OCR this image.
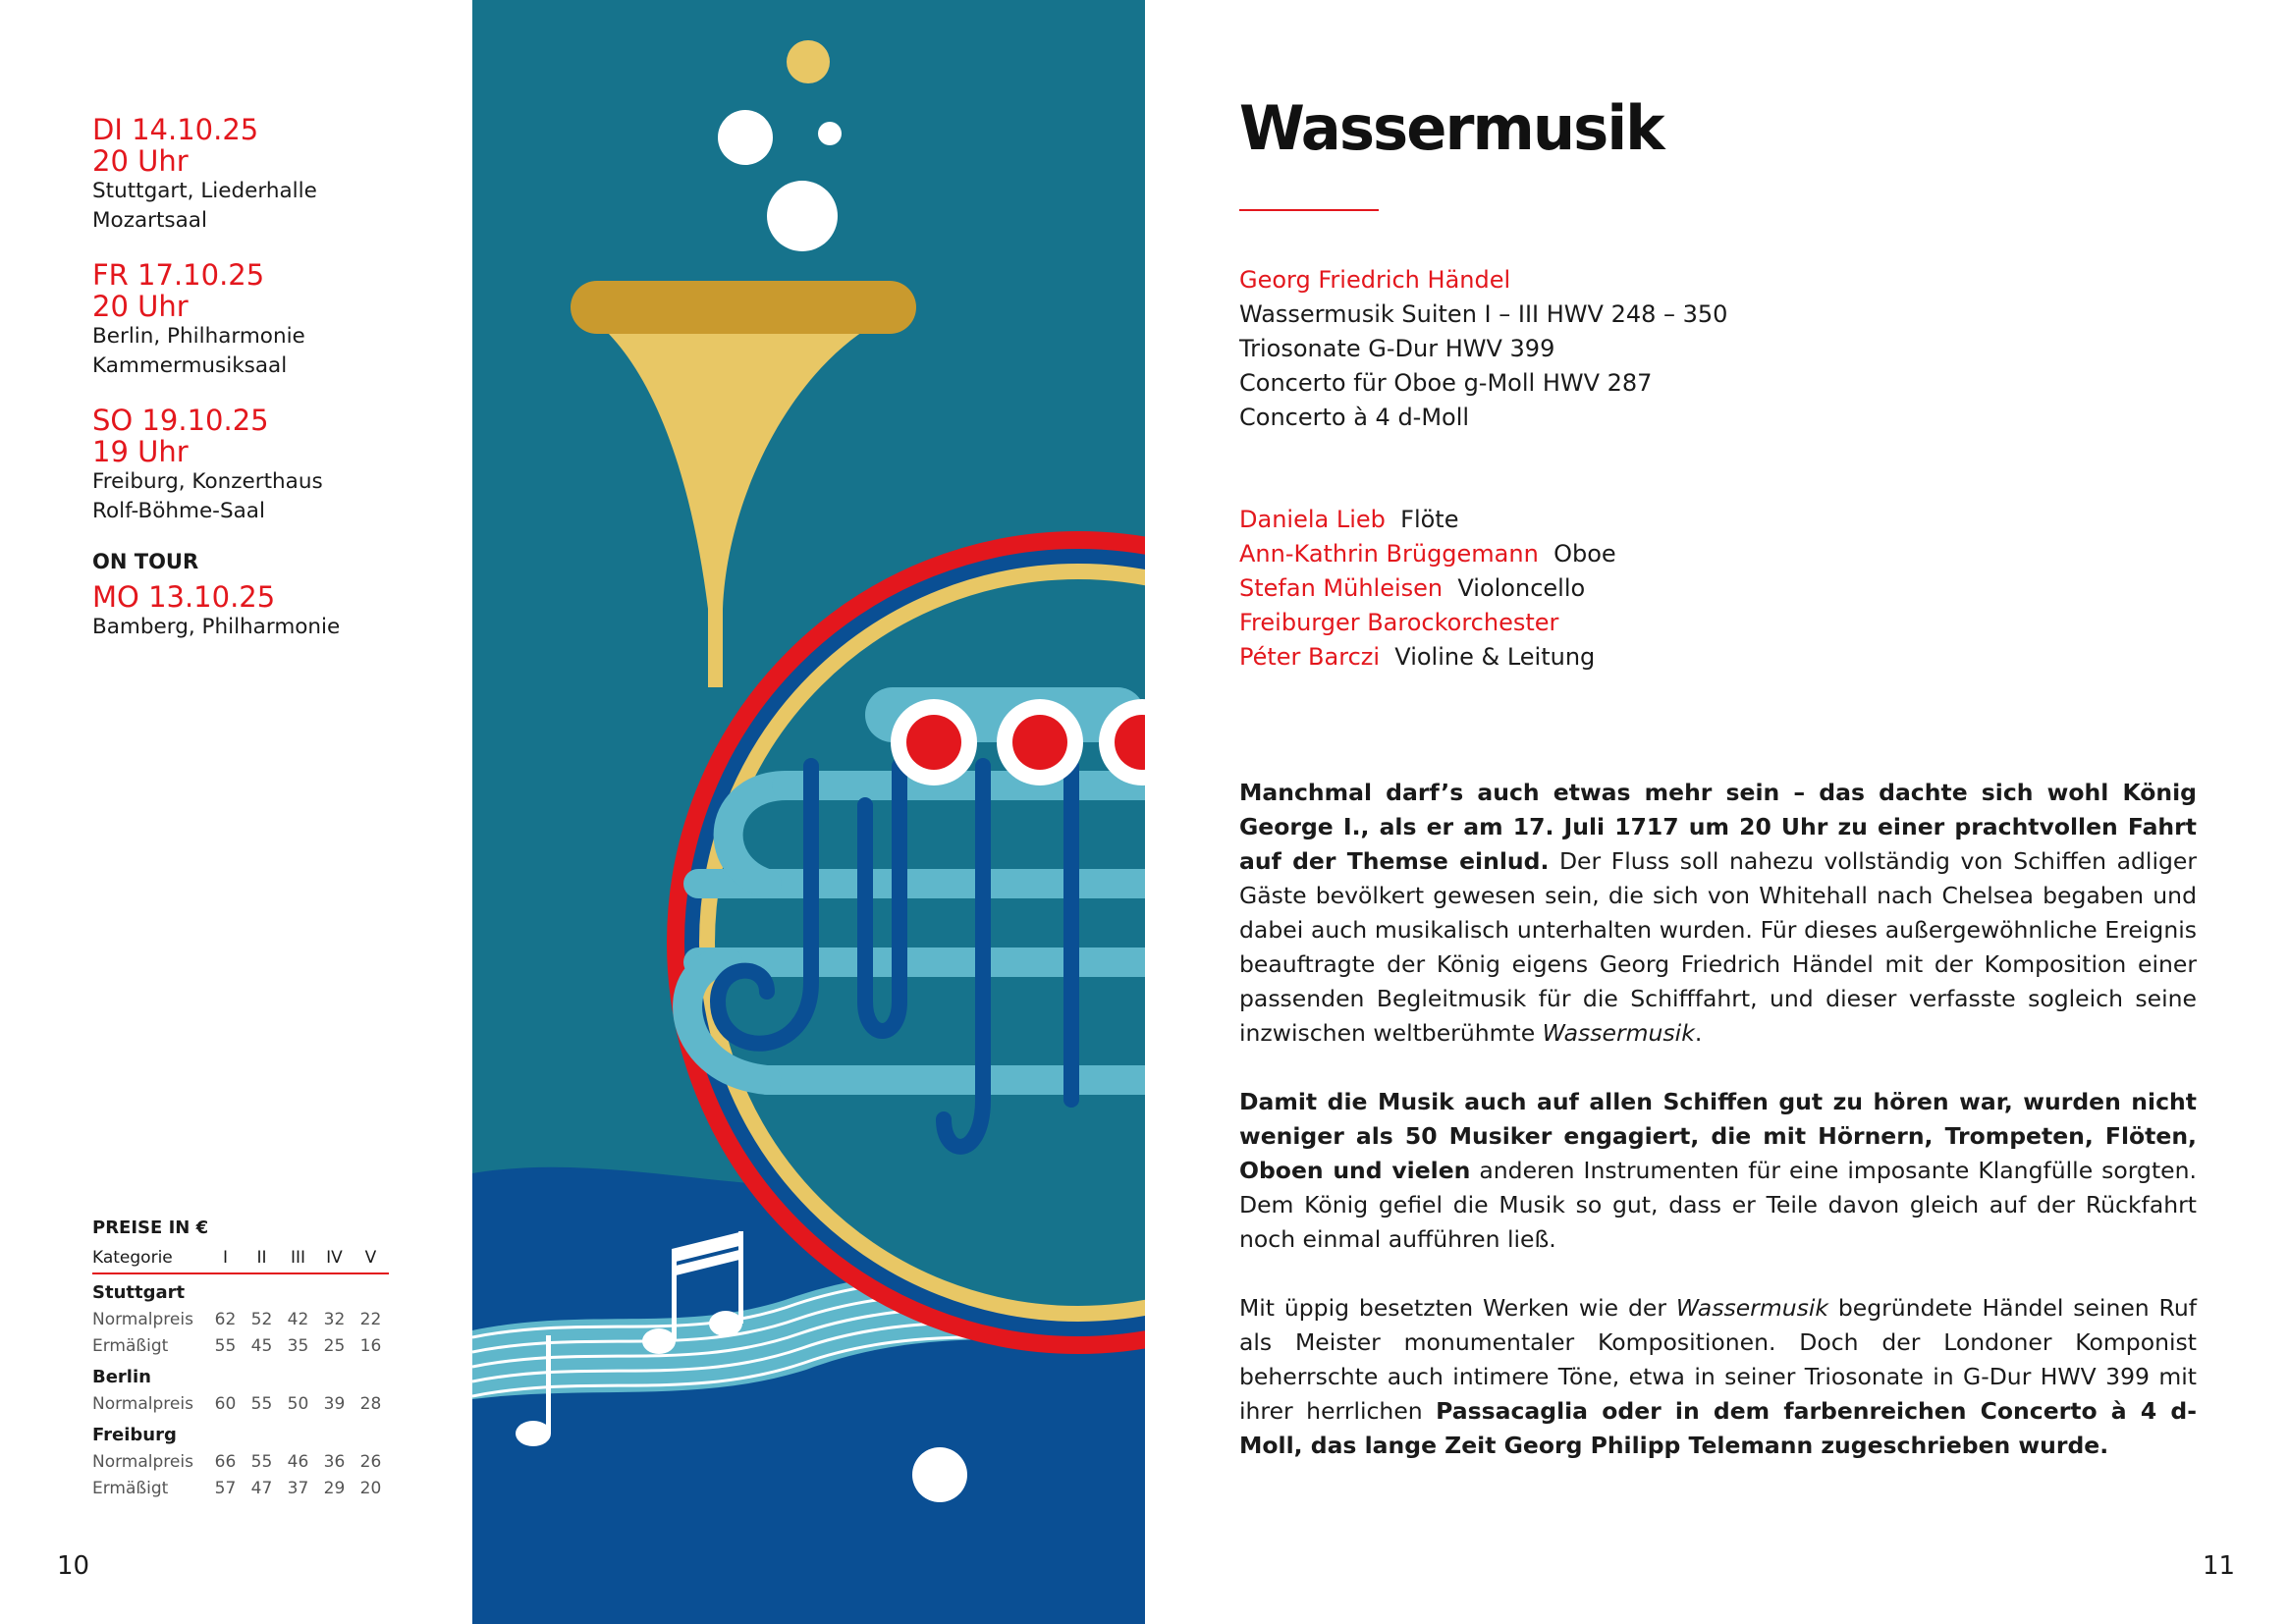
DI 14.10.25
20 Uhr
Stuttgart, Liederhalle
Mozartsaal
FR 17.10.25
20 Uhr
Berlin, Philharmonie
Kammermusiksaal
SO 19.10.25
19 Uhr
Freiburg, Konzerthaus
Rolf-Böhme-Saal
ON TOUR
MO 13.10.25
Bamberg, Philharmonie
PREISE IN €
Kategorie	I	II	III	IV	V
Stuttgart
Normalpreis	62 52 42 32 22
Ermäßigt	55 45 35 25 16
Berlin
Normalpreis	60 55 50 39 28
Freiburg
Normalpreis	66 55 46 36 26
Ermäßigt	57 47 37 29 20
10
Wassermusik
Georg Friedrich Händel
Wassermusik Suiten I – III HWV 248 – 350
Triosonate G-Dur HWV 399
Concerto für Oboe g-Moll HWV 287
Concerto à 4 d-Moll
Daniela Lieb Flöte
Ann-Kathrin Brüggemann Oboe
Stefan Mühleisen Violoncello
Freiburger Barockorchester
Péter Barczi Violine & Leitung

Manchmal darf’s auch etwas mehr sein – das dachte sich wohl König George I., als er am 17. Juli 1717 um 20 Uhr zu einer prachtvollen Fahrt auf der Themse einlud. Der Fluss soll nahezu vollständig von Schiffen adliger Gäste bevölkert gewesen sein, die sich von Whitehall nach Chelsea begaben und dabei auch musikalisch unterhalten wurden. Für dieses außergewöhnliche Ereignis beauftragte der König eigens Georg Friedrich Händel mit der Komposition einer passenden Begleitmusik für die Schifffahrt, und dieser verfasste sogleich seine inzwischen weltberühmte Wassermusik.

Damit die Musik auch auf allen Schiffen gut zu hören war, wurden nicht weniger als 50 Musiker engagiert, die mit Hörnern, Trompeten, Flöten, Oboen und vielen anderen Instrumenten für eine imposante Klangfülle sorgten. Dem König gefiel die Musik so gut, dass er Teile davon gleich auf der Rückfahrt noch einmal aufführen ließ.

Mit üppig besetzten Werken wie der Wassermusik begründete Händel seinen Ruf als Meister monumentaler Kompositionen. Doch der Londoner Komponist beherrschte auch intimere Töne, etwa in seiner Triosonate in G-Dur HWV 399 mit ihrer herrlichen Passacaglia oder in dem farbenreichen Concerto à 4 d-Moll, das lange Zeit Georg Philipp Telemann zugeschrieben wurde.

11
